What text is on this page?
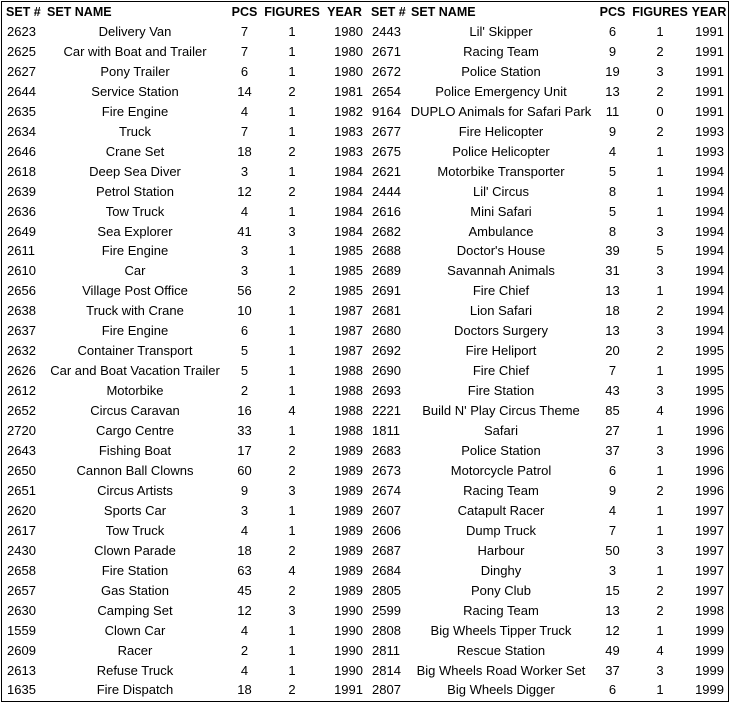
SET #	SET NAME	PCS	FIGURES	YEAR	SET #	SET NAME	PCS	FIGURES	YEAR
2623	Delivery Van	7	1	1980	2443	Lil' Skipper	6	1	1991
2625	Car with Boat and Trailer	7	1	1980	2671	Racing Team	9	2	1991
2627	Pony Trailer	6	1	1980	2672	Police Station	19	3	1991
2644	Service Station	14	2	1981	2654	Police Emergency Unit	13	2	1991
2635	Fire Engine	4	1	1982	9164	DUPLO Animals for Safari Park	11	0	1991
2634	Truck	7	1	1983	2677	Fire Helicopter	9	2	1993
2646	Crane Set	18	2	1983	2675	Police Helicopter	4	1	1993
2618	Deep Sea Diver	3	1	1984	2621	Motorbike Transporter	5	1	1994
2639	Petrol Station	12	2	1984	2444	Lil' Circus	8	1	1994
2636	Tow Truck	4	1	1984	2616	Mini Safari	5	1	1994
2649	Sea Explorer	41	3	1984	2682	Ambulance	8	3	1994
2611	Fire Engine	3	1	1985	2688	Doctor's House	39	5	1994
2610	Car	3	1	1985	2689	Savannah Animals	31	3	1994
2656	Village Post Office	56	2	1985	2691	Fire Chief	13	1	1994
2638	Truck with Crane	10	1	1987	2681	Lion Safari	18	2	1994
2637	Fire Engine	6	1	1987	2680	Doctors Surgery	13	3	1994
2632	Container Transport	5	1	1987	2692	Fire Heliport	20	2	1995
2626	Car and Boat Vacation Trailer	5	1	1988	2690	Fire Chief	7	1	1995
2612	Motorbike	2	1	1988	2693	Fire Station	43	3	1995
2652	Circus Caravan	16	4	1988	2221	Build N' Play Circus Theme	85	4	1996
2720	Cargo Centre	33	1	1988	1811	Safari	27	1	1996
2643	Fishing Boat	17	2	1989	2683	Police Station	37	3	1996
2650	Cannon Ball Clowns	60	2	1989	2673	Motorcycle Patrol	6	1	1996
2651	Circus Artists	9	3	1989	2674	Racing Team	9	2	1996
2620	Sports Car	3	1	1989	2607	Catapult Racer	4	1	1997
2617	Tow Truck	4	1	1989	2606	Dump Truck	7	1	1997
2430	Clown Parade	18	2	1989	2687	Harbour	50	3	1997
2658	Fire Station	63	4	1989	2684	Dinghy	3	1	1997
2657	Gas Station	45	2	1989	2805	Pony Club	15	2	1997
2630	Camping Set	12	3	1990	2599	Racing Team	13	2	1998
1559	Clown Car	4	1	1990	2808	Big Wheels Tipper Truck	12	1	1999
2609	Racer	2	1	1990	2811	Rescue Station	49	4	1999
2613	Refuse Truck	4	1	1990	2814	Big Wheels Road Worker Set	37	3	1999
1635	Fire Dispatch	18	2	1991	2807	Big Wheels Digger	6	1	1999
